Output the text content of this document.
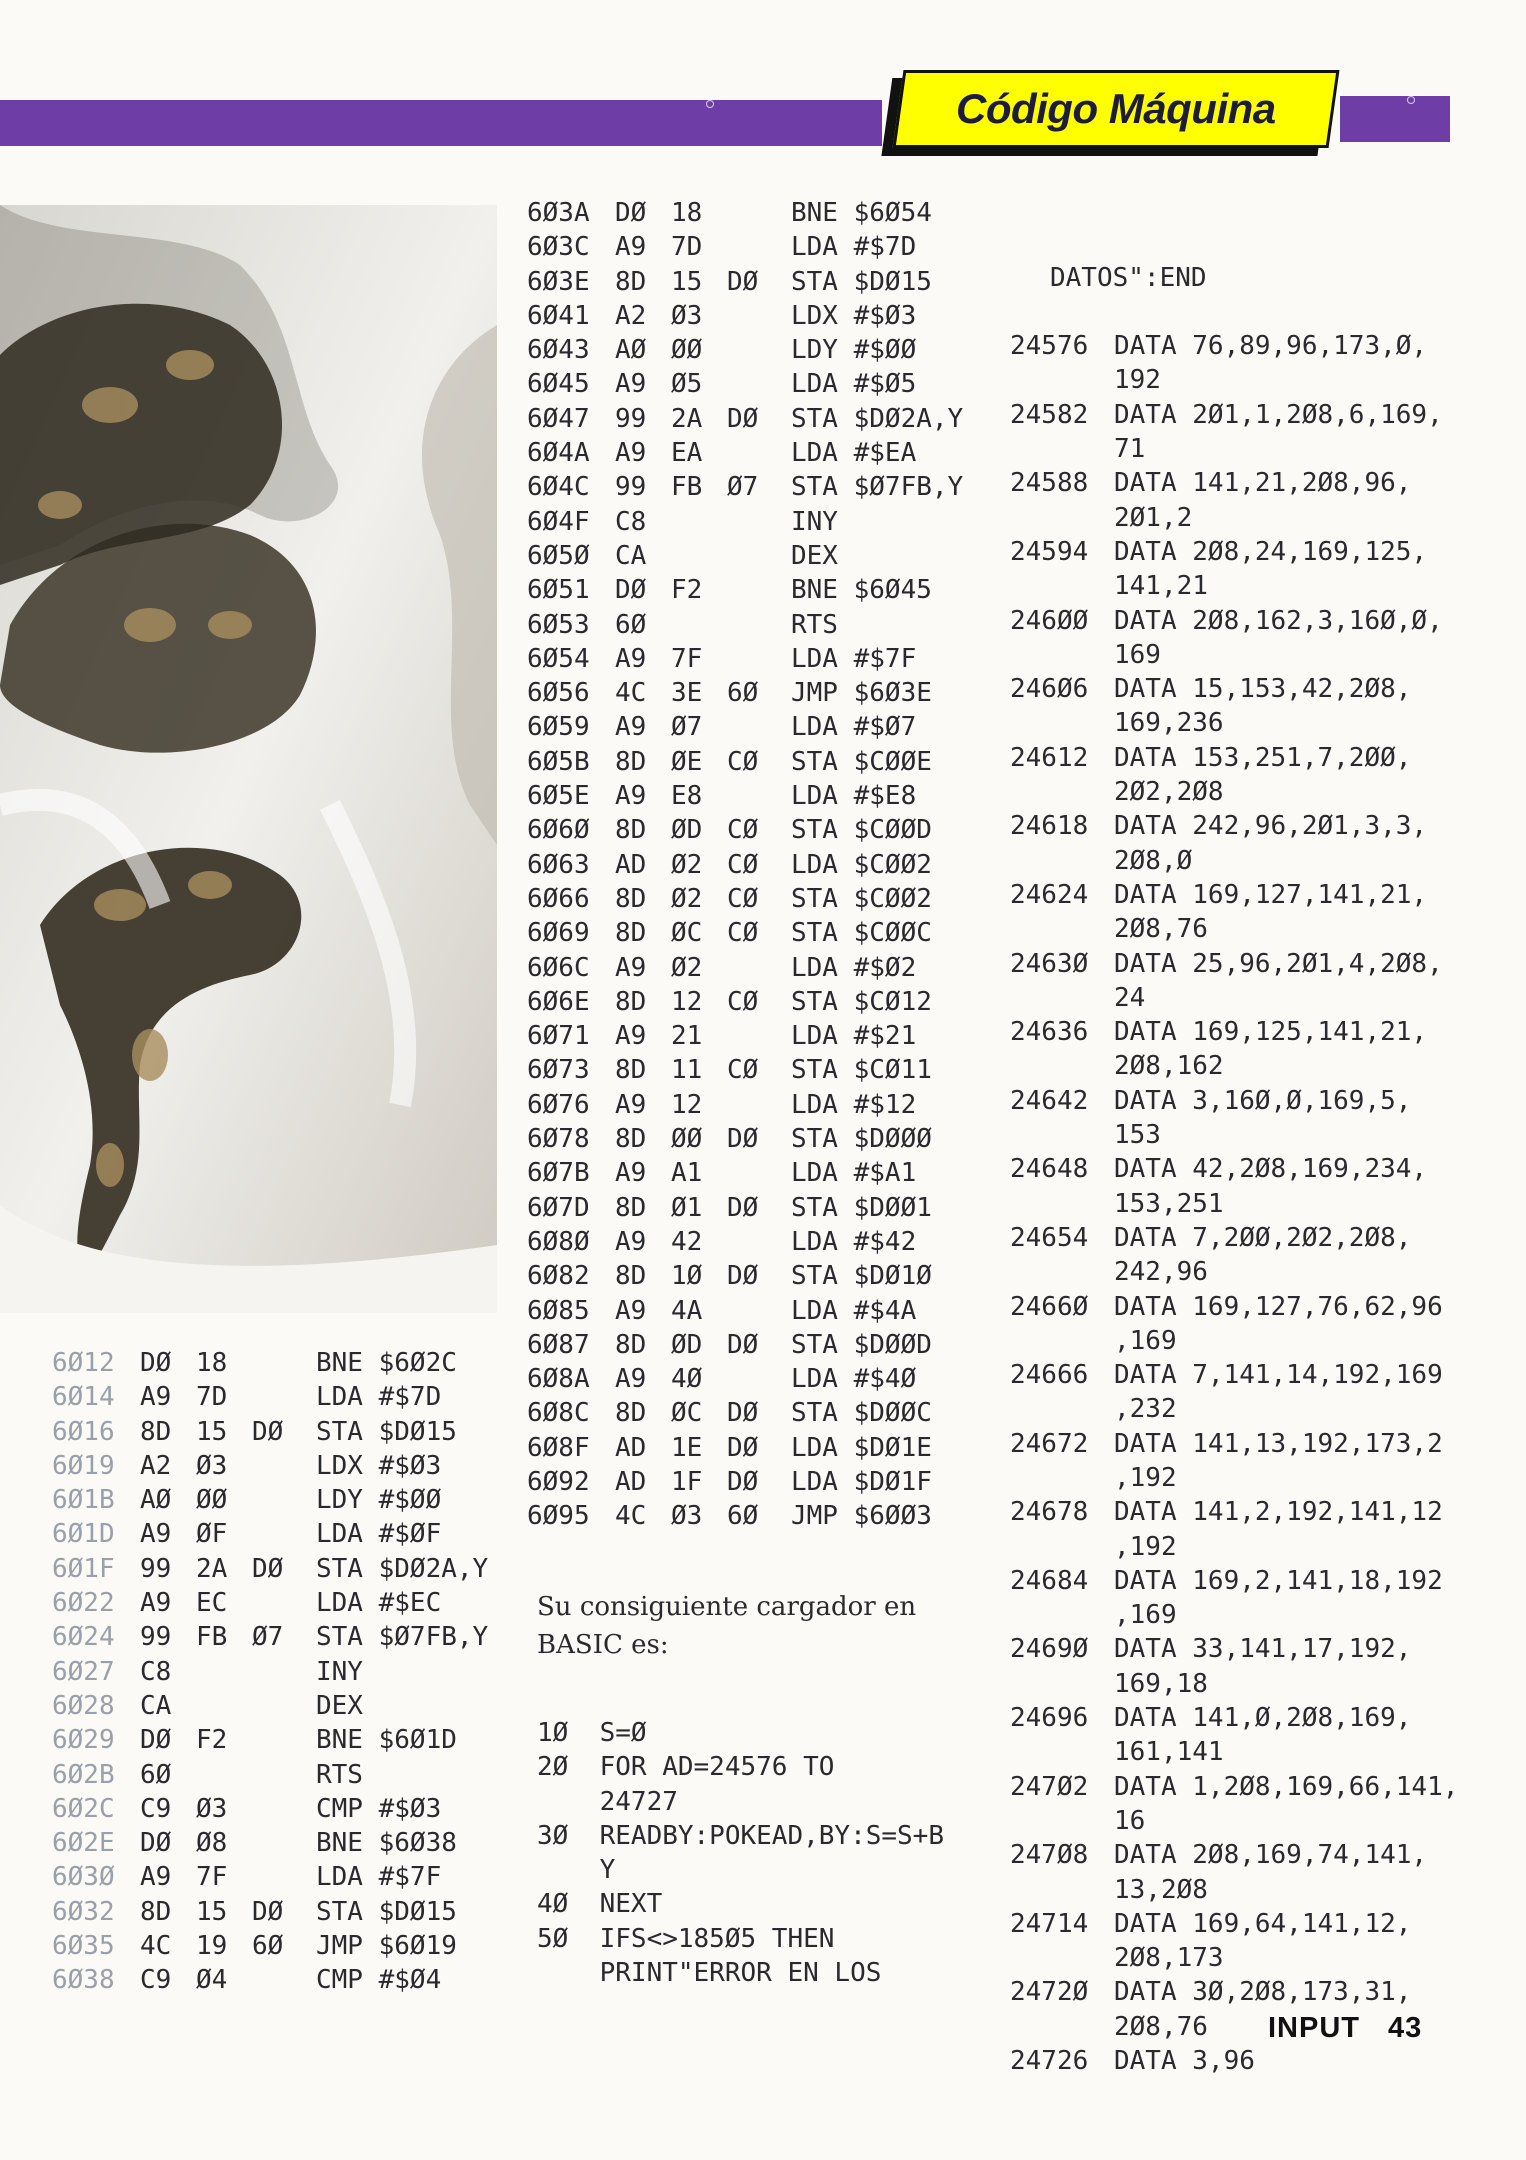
Código Máquina
6Ø12 DØ 18	BNE $6Ø2C
6Ø14 A9 7D	LDA #$7D
6Ø16 8D 15 DØ STA $DØ15
6Ø19 A2 Ø3	LDX #$Ø3
6Ø1B AØ ØØ	LDY #$ØØ
6Ø1D A9 ØF	LDA #$ØF
6Ø1F 99 2A DØ STA $DØ2A,Y
6Ø22 A9 EC	LDA #$EC
6Ø24 99 FB Ø7 STA $Ø7FB,Y
6Ø27 C8	INY
6Ø28 CA	DEX
6Ø29 DØ F2	BNE $6Ø1D
6Ø2B 6Ø	RTS
6Ø2C C9 Ø3	CMP #$Ø3
6Ø2E DØ Ø8	BNE $6Ø38
6Ø3Ø A9 7F	LDA #$7F
6Ø32 8D 15 DØ STA $DØ15
6Ø35 4C 19 6Ø JMP $6Ø19
6Ø38 C9 Ø4	CMP #$Ø4
6Ø3A DØ 18	BNE $6Ø54
6Ø3C A9 7D	LDA #$7D
6Ø3E 8D 15 DØ STA $DØ15
6Ø41 A2 Ø3	LDX #$Ø3
6Ø43 AØ ØØ	LDY #$ØØ
6Ø45 A9 Ø5	LDA #$Ø5
6Ø47 99 2A DØ STA $DØ2A,Y
6Ø4A A9 EA	LDA #$EA
6Ø4C 99 FB Ø7 STA $Ø7FB,Y
6Ø4F C8	INY
6Ø5Ø CA	DEX
6Ø51 DØ F2	BNE $6Ø45
6Ø53 6Ø	RTS
6Ø54 A9 7F	LDA #$7F
6Ø56 4C 3E 6Ø JMP $6Ø3E
6Ø59 A9 Ø7	LDA #$Ø7
6Ø5B 8D ØE CØ STA $CØØE
6Ø5E A9 E8	LDA #$E8
6Ø6Ø 8D ØD CØ STA $CØØD
6Ø63 AD Ø2 CØ LDA $CØØ2
6Ø66 8D Ø2 CØ STA $CØØ2
6Ø69 8D ØC CØ STA $CØØC
6Ø6C A9 Ø2	LDA #$Ø2
6Ø6E 8D 12 CØ STA $CØ12
6Ø71 A9 21	LDA #$21
6Ø73 8D 11 CØ STA $CØ11
6Ø76 A9 12	LDA #$12
6Ø78 8D ØØ DØ STA $DØØØ
6Ø7B A9 A1	LDA #$A1
6Ø7D 8D Ø1 DØ STA $DØØ1
6Ø8Ø A9 42	LDA #$42
6Ø82 8D 1Ø DØ STA $DØ1Ø
6Ø85 A9 4A	LDA #$4A
6Ø87 8D ØD DØ STA $DØØD
6Ø8A A9 4Ø	LDA #$4Ø
6Ø8C 8D ØC DØ STA $DØØC
6Ø8F AD 1E DØ LDA $DØ1E
6Ø92 AD 1F DØ LDA $DØ1F
6Ø95 4C Ø3 6Ø JMP $6ØØ3
Su consiguiente cargador en BASIC es:
1Ø  S=Ø
2Ø  FOR AD=24576 TO
24727
3Ø  READBY:POKEAD,BY:S=S+B
Y
4Ø  NEXT
5Ø  IFS<>185Ø5 THEN
PRINT"ERROR EN LOS

DATOS":END

24576 DATA 76,89,96,173,Ø,
192
24582 DATA 2Ø1,1,2Ø8,6,169,
71
24588 DATA 141,21,2Ø8,96,
2Ø1,2
24594 DATA 2Ø8,24,169,125,
141,21
246ØØ DATA 2Ø8,162,3,16Ø,Ø,
169
246Ø6 DATA 15,153,42,2Ø8,
169,236
24612 DATA 153,251,7,2ØØ,
2Ø2,2Ø8
24618 DATA 242,96,2Ø1,3,3,
2Ø8,Ø
24624 DATA 169,127,141,21,
2Ø8,76
2463Ø DATA 25,96,2Ø1,4,2Ø8,
24
24636 DATA 169,125,141,21,
2Ø8,162
24642 DATA 3,16Ø,Ø,169,5,
153
24648 DATA 42,2Ø8,169,234,
153,251
24654 DATA 7,2ØØ,2Ø2,2Ø8,
242,96
2466Ø DATA 169,127,76,62,96
,169
24666 DATA 7,141,14,192,169
,232
24672 DATA 141,13,192,173,2
,192
24678 DATA 141,2,192,141,12
,192
24684 DATA 169,2,141,18,192
,169
2469Ø DATA 33,141,17,192,
169,18
24696 DATA 141,Ø,2Ø8,169,
161,141
247Ø2 DATA 1,2Ø8,169,66,141,
16
247Ø8 DATA 2Ø8,169,74,141,
13,2Ø8
24714 DATA 169,64,141,12,
2Ø8,173
2472Ø DATA 3Ø,2Ø8,173,31,
2Ø8,76
24726 DATA 3,96
INPUT 43
